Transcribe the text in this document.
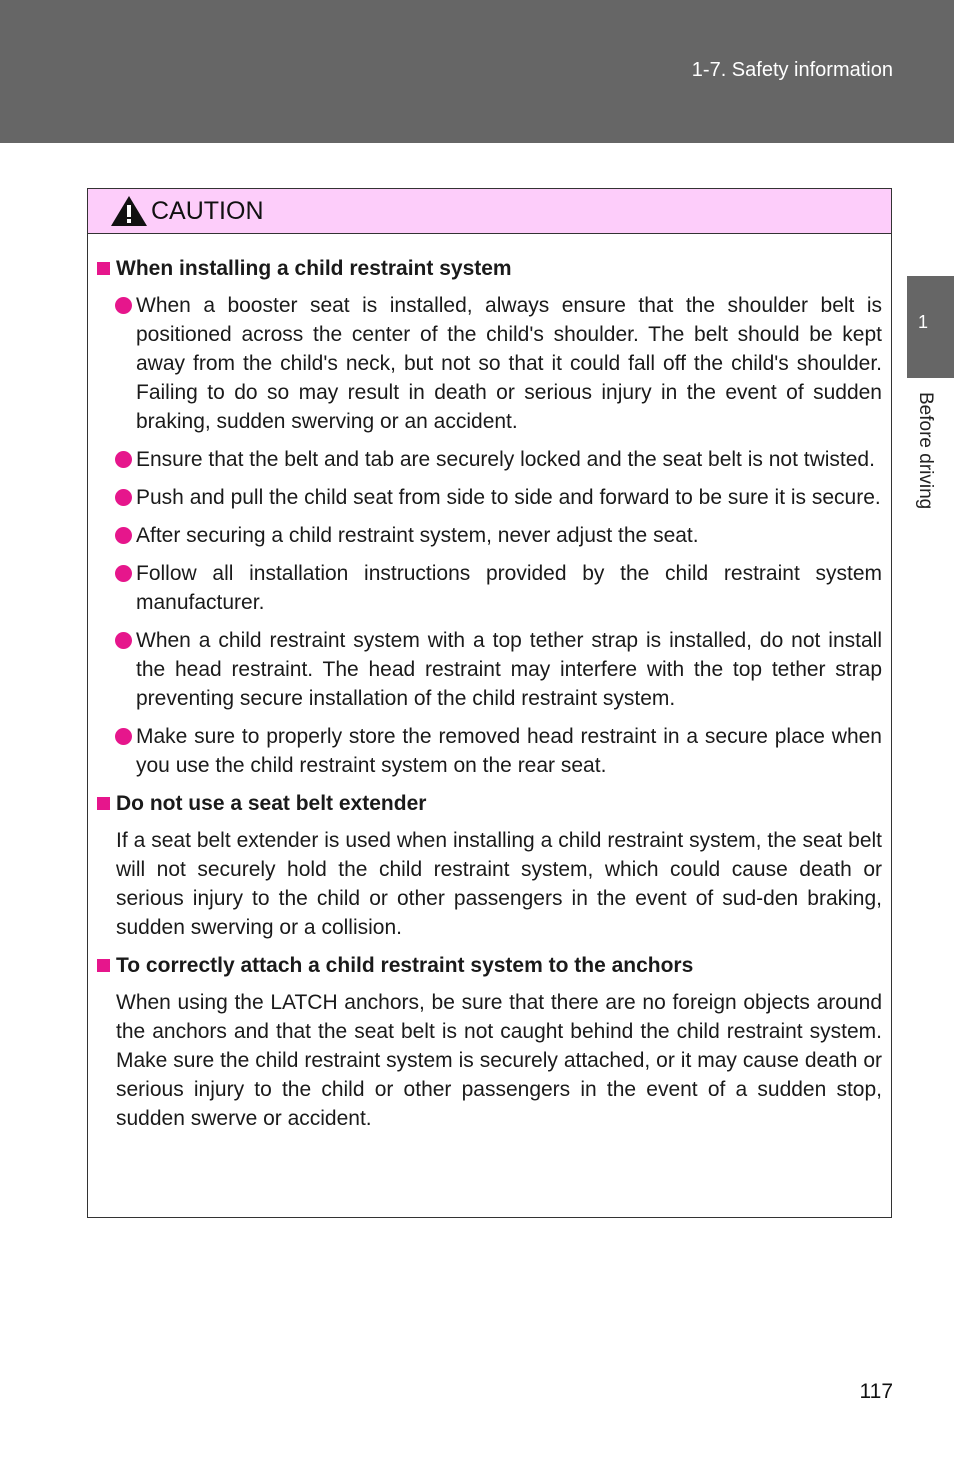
1-7. Safety information
1
Before driving
CAUTION
When installing a child restraint system
When a booster seat is installed, always ensure that the shoulder belt is positioned across the center of the child's shoulder. The belt should be kept away from the child's neck, but not so that it could fall off the child's shoulder. Failing to do so may result in death or serious injury in the event of sudden braking, sudden swerving or an accident.
Ensure that the belt and tab are securely locked and the seat belt is not twisted.
Push and pull the child seat from side to side and forward to be sure it is secure.
After securing a child restraint system, never adjust the seat.
Follow all installation instructions provided by the child restraint system manufacturer.
When a child restraint system with a top tether strap is installed, do not install the head restraint. The head restraint may interfere with the top tether strap preventing secure installation of the child restraint system.
Make sure to properly store the removed head restraint in a secure place when you use the child restraint system on the rear seat.
Do not use a seat belt extender

If a seat belt extender is used when installing a child restraint system, the seat belt will not securely hold the child restraint system, which could cause death or serious injury to the child or other passengers in the event of sud-den braking, sudden swerving or a collision.

To correctly attach a child restraint system to the anchors

When using the LATCH anchors, be sure that there are no foreign objects around the anchors and that the seat belt is not caught behind the child restraint system. Make sure the child restraint system is securely attached, or it may cause death or serious injury to the child or other passengers in the event of a sudden stop, sudden swerve or accident.

117
